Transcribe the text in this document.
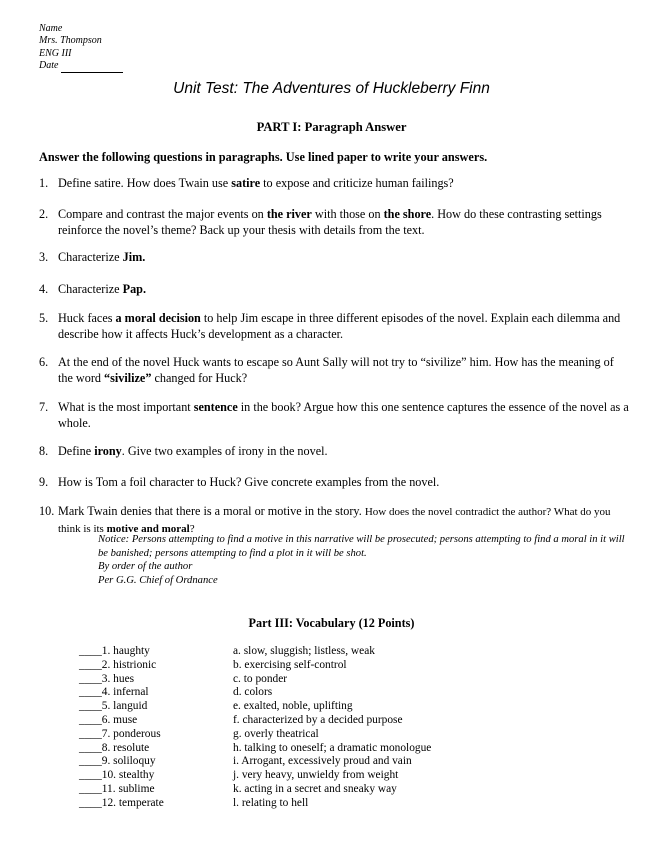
Name
Mrs. Thompson
ENG III
Date
Unit Test: The Adventures of Huckleberry Finn
PART I: Paragraph Answer
Answer the following questions in paragraphs. Use lined paper to write your answers.
1. Define satire. How does Twain use satire to expose and criticize human failings?
2. Compare and contrast the major events on the river with those on the shore. How do these contrasting settings reinforce the novel’s theme? Back up your thesis with details from the text.
3. Characterize Jim.
4. Characterize Pap.
5. Huck faces a moral decision to help Jim escape in three different episodes of the novel. Explain each dilemma and describe how it affects Huck’s development as a character.
6. At the end of the novel Huck wants to escape so Aunt Sally will not try to “sivilize” him. How has the meaning of the word “sivilize” changed for Huck?
7. What is the most important sentence in the book? Argue how this one sentence captures the essence of the novel as a whole.
8. Define irony. Give two examples of irony in the novel.
9. How is Tom a foil character to Huck? Give concrete examples from the novel.
10. Mark Twain denies that there is a moral or motive in the story. How does the novel contradict the author? What do you think is its motive and moral?
Notice: Persons attempting to find a motive in this narrative will be prosecuted; persons attempting to find a moral in it will be banished; persons attempting to find a plot in it will be shot.
By order of the author
Per G.G. Chief of Ordnance
Part III: Vocabulary (12 Points)
____1. haughty	a. slow, sluggish; listless, weak
____2. histrionic	b. exercising self-control
____3. hues	c. to ponder
____4. infernal	d. colors
____5. languid	e. exalted, noble, uplifting
____6. muse	f. characterized by a decided purpose
____7. ponderous	g. overly theatrical
____8. resolute	h. talking to oneself; a dramatic monologue
____9. soliloquy	i. Arrogant, excessively proud and vain
____10. stealthy	j. very heavy, unwieldy from weight
____11. sublime	k. acting in a secret and sneaky way
____12. temperate	l. relating to hell
